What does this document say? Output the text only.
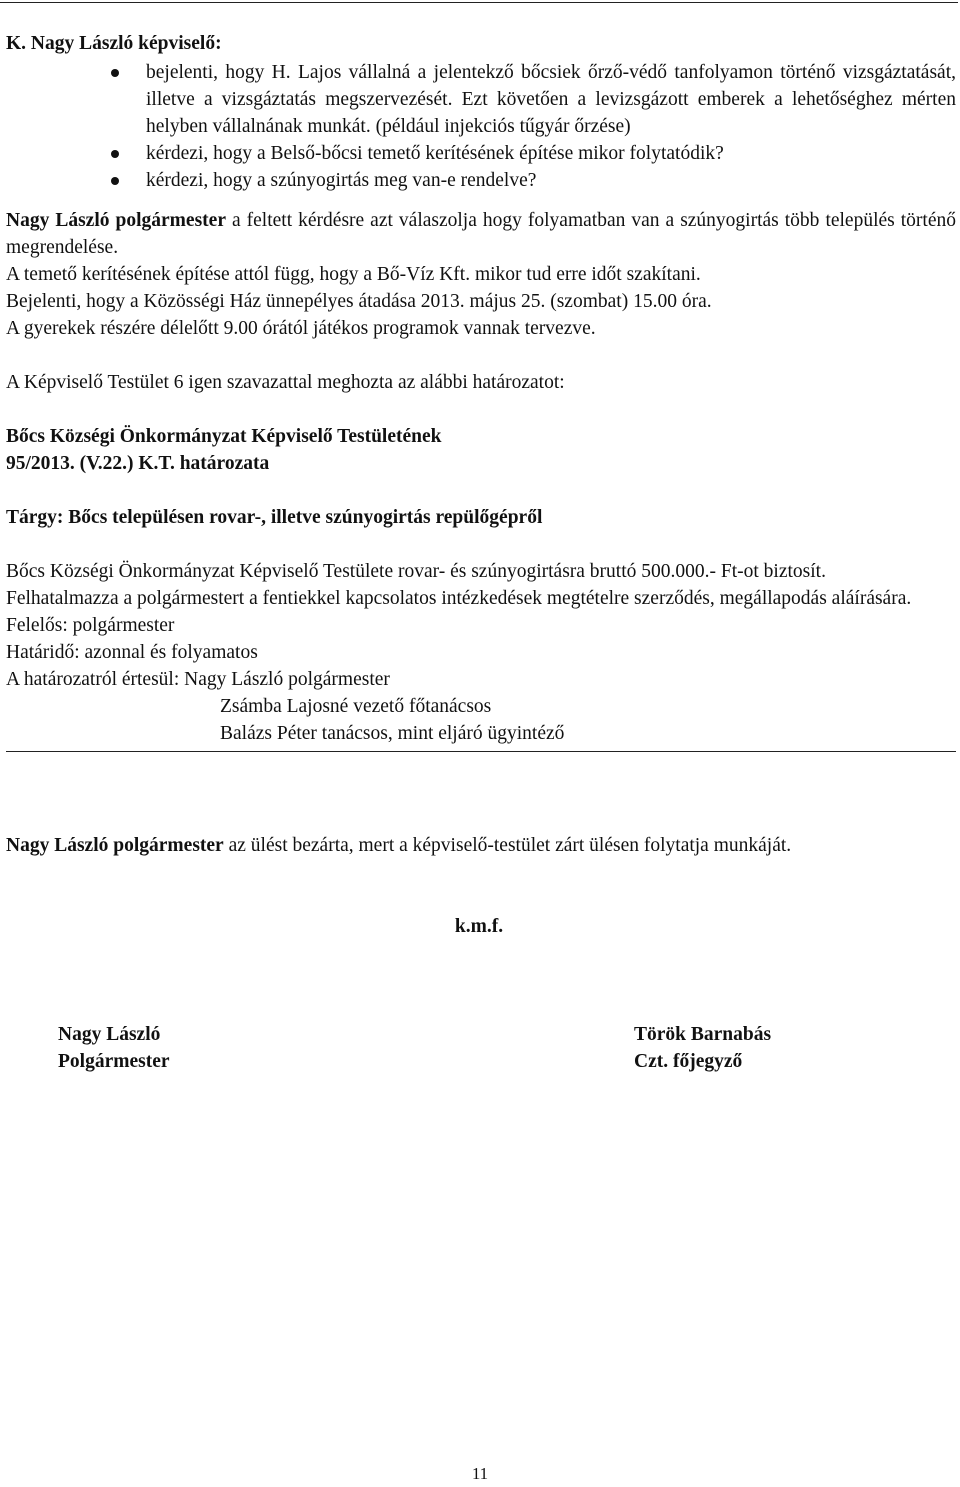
K. Nagy László képviselő:

bejelenti, hogy H. Lajos vállalná a jelentekző bőcsiek őrző-védő tanfolyamon történő vizsgáztatását, illetve a vizsgáztatás megszervezését. Ezt követően a levizsgázott emberek a lehetőséghez mérten helyben vállalnának munkát. (például injekciós tűgyár őrzése)
kérdezi, hogy a Belső-bőcsi temető kerítésének építése mikor folytatódik?
kérdezi, hogy a szúnyogirtás meg van-e rendelve?

Nagy László polgármester a feltett kérdésre azt válaszolja hogy folyamatban van a szúnyogirtás több település történő megrendelése.

A temető kerítésének építése attól függ, hogy a Bő-Víz Kft. mikor tud erre időt szakítani.

Bejelenti, hogy a Közösségi Ház ünnepélyes átadása 2013. május 25. (szombat) 15.00 óra.

A gyerekek részére délelőtt 9.00 órától játékos programok vannak tervezve.

A Képviselő Testület 6 igen szavazattal meghozta az alábbi határozatot:

Bőcs Községi Önkormányzat Képviselő Testületének

95/2013. (V.22.) K.T. határozata

Tárgy: Bőcs településen rovar-, illetve szúnyogirtás repülőgépről

Bőcs Községi Önkormányzat Képviselő Testülete rovar- és szúnyogirtásra bruttó 500.000.- Ft-ot biztosít.

Felhatalmazza a polgármestert a fentiekkel kapcsolatos intézkedések megtételre szerződés, megállapodás aláírására.

Felelős: polgármester

Határidő: azonnal és folyamatos

A határozatról értesül: Nagy László polgármester

Zsámba Lajosné vezető főtanácsos

Balázs Péter tanácsos, mint eljáró ügyintéző

Nagy László polgármester az ülést bezárta, mert a képviselő-testület zárt ülésen folytatja munkáját.

k.m.f.

Nagy László

Polgármester

Török Barnabás

Czt. főjegyző

11
